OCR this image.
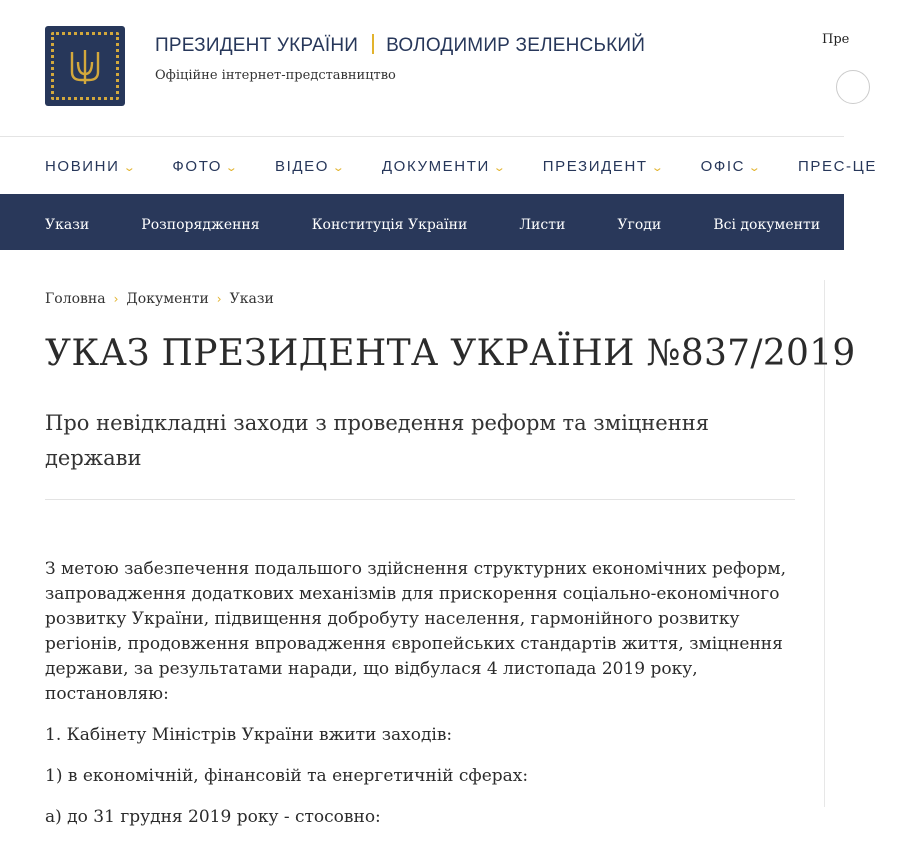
ПРЕЗИДЕНТ УКРАЇНИ ВОЛОДИМИР ЗЕЛЕНСЬКИЙ
Офіційне інтернет-представництво
Пре
НОВИНИ ⌄ ФОТО ⌄ ВІДЕО ⌄ ДОКУМЕНТИ ⌄ ПРЕЗИДЕНТ ⌄ ОФІС ⌄ ПРЕС-ЦЕ
Укази	Розпорядження	Конституція України	Листи	Угоди	Всі документи
Головна › Документи › Укази
УКАЗ ПРЕЗИДЕНТА УКРАЇНИ №837/2019
Про невідкладні заходи з проведення реформ та зміцнення держави

З метою забезпечення подальшого здійснення структурних економічних реформ, запровадження додаткових механізмів для прискорення соціально-економічного розвитку України, підвищення добробуту населення, гармонійного розвитку регіонів, продовження впровадження європейських стандартів життя, зміцнення держави, за результатами наради, що відбулася 4 листопада 2019 року, постановляю:

1. Кабінету Міністрів України вжити заходів:

1) в економічній, фінансовій та енергетичній сферах:

а) до 31 грудня 2019 року - стосовно:
